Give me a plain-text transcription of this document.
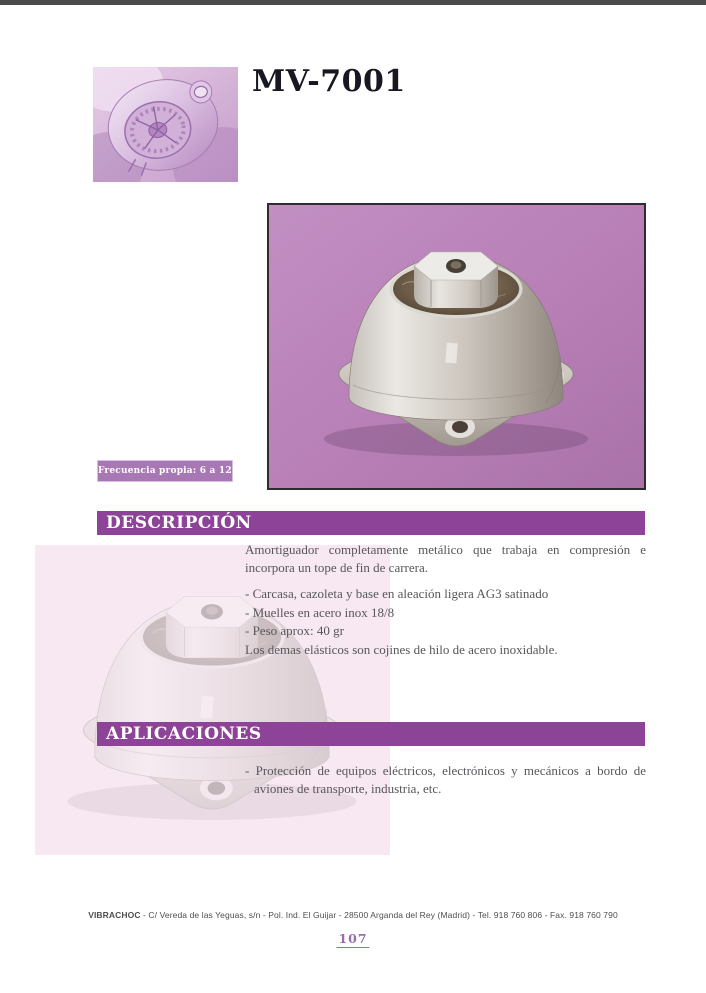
MV-7001
Frecuencia propia: 6 a 12 Hz
DESCRIPCIÓN
Amortiguador completamente metálico que trabaja en compresión e incorpora un tope de fin de carrera.
- Carcasa, cazoleta y base en aleación ligera AG3 satinado
- Muelles en acero inox 18/8
- Peso aprox: 40 gr
Los demas elásticos son cojines de hilo de acero inoxidable.
APLICACIONES
- Protección de equipos eléctricos, electrónicos y mecánicos a bordo de aviones de transporte, industria, etc.
VIBRACHOC - C/ Vereda de las Yeguas, s/n - Pol. Ind. El Guijar - 28500 Arganda del Rey (Madrid) - Tel. 918 760 806 - Fax. 918 760 790
107
